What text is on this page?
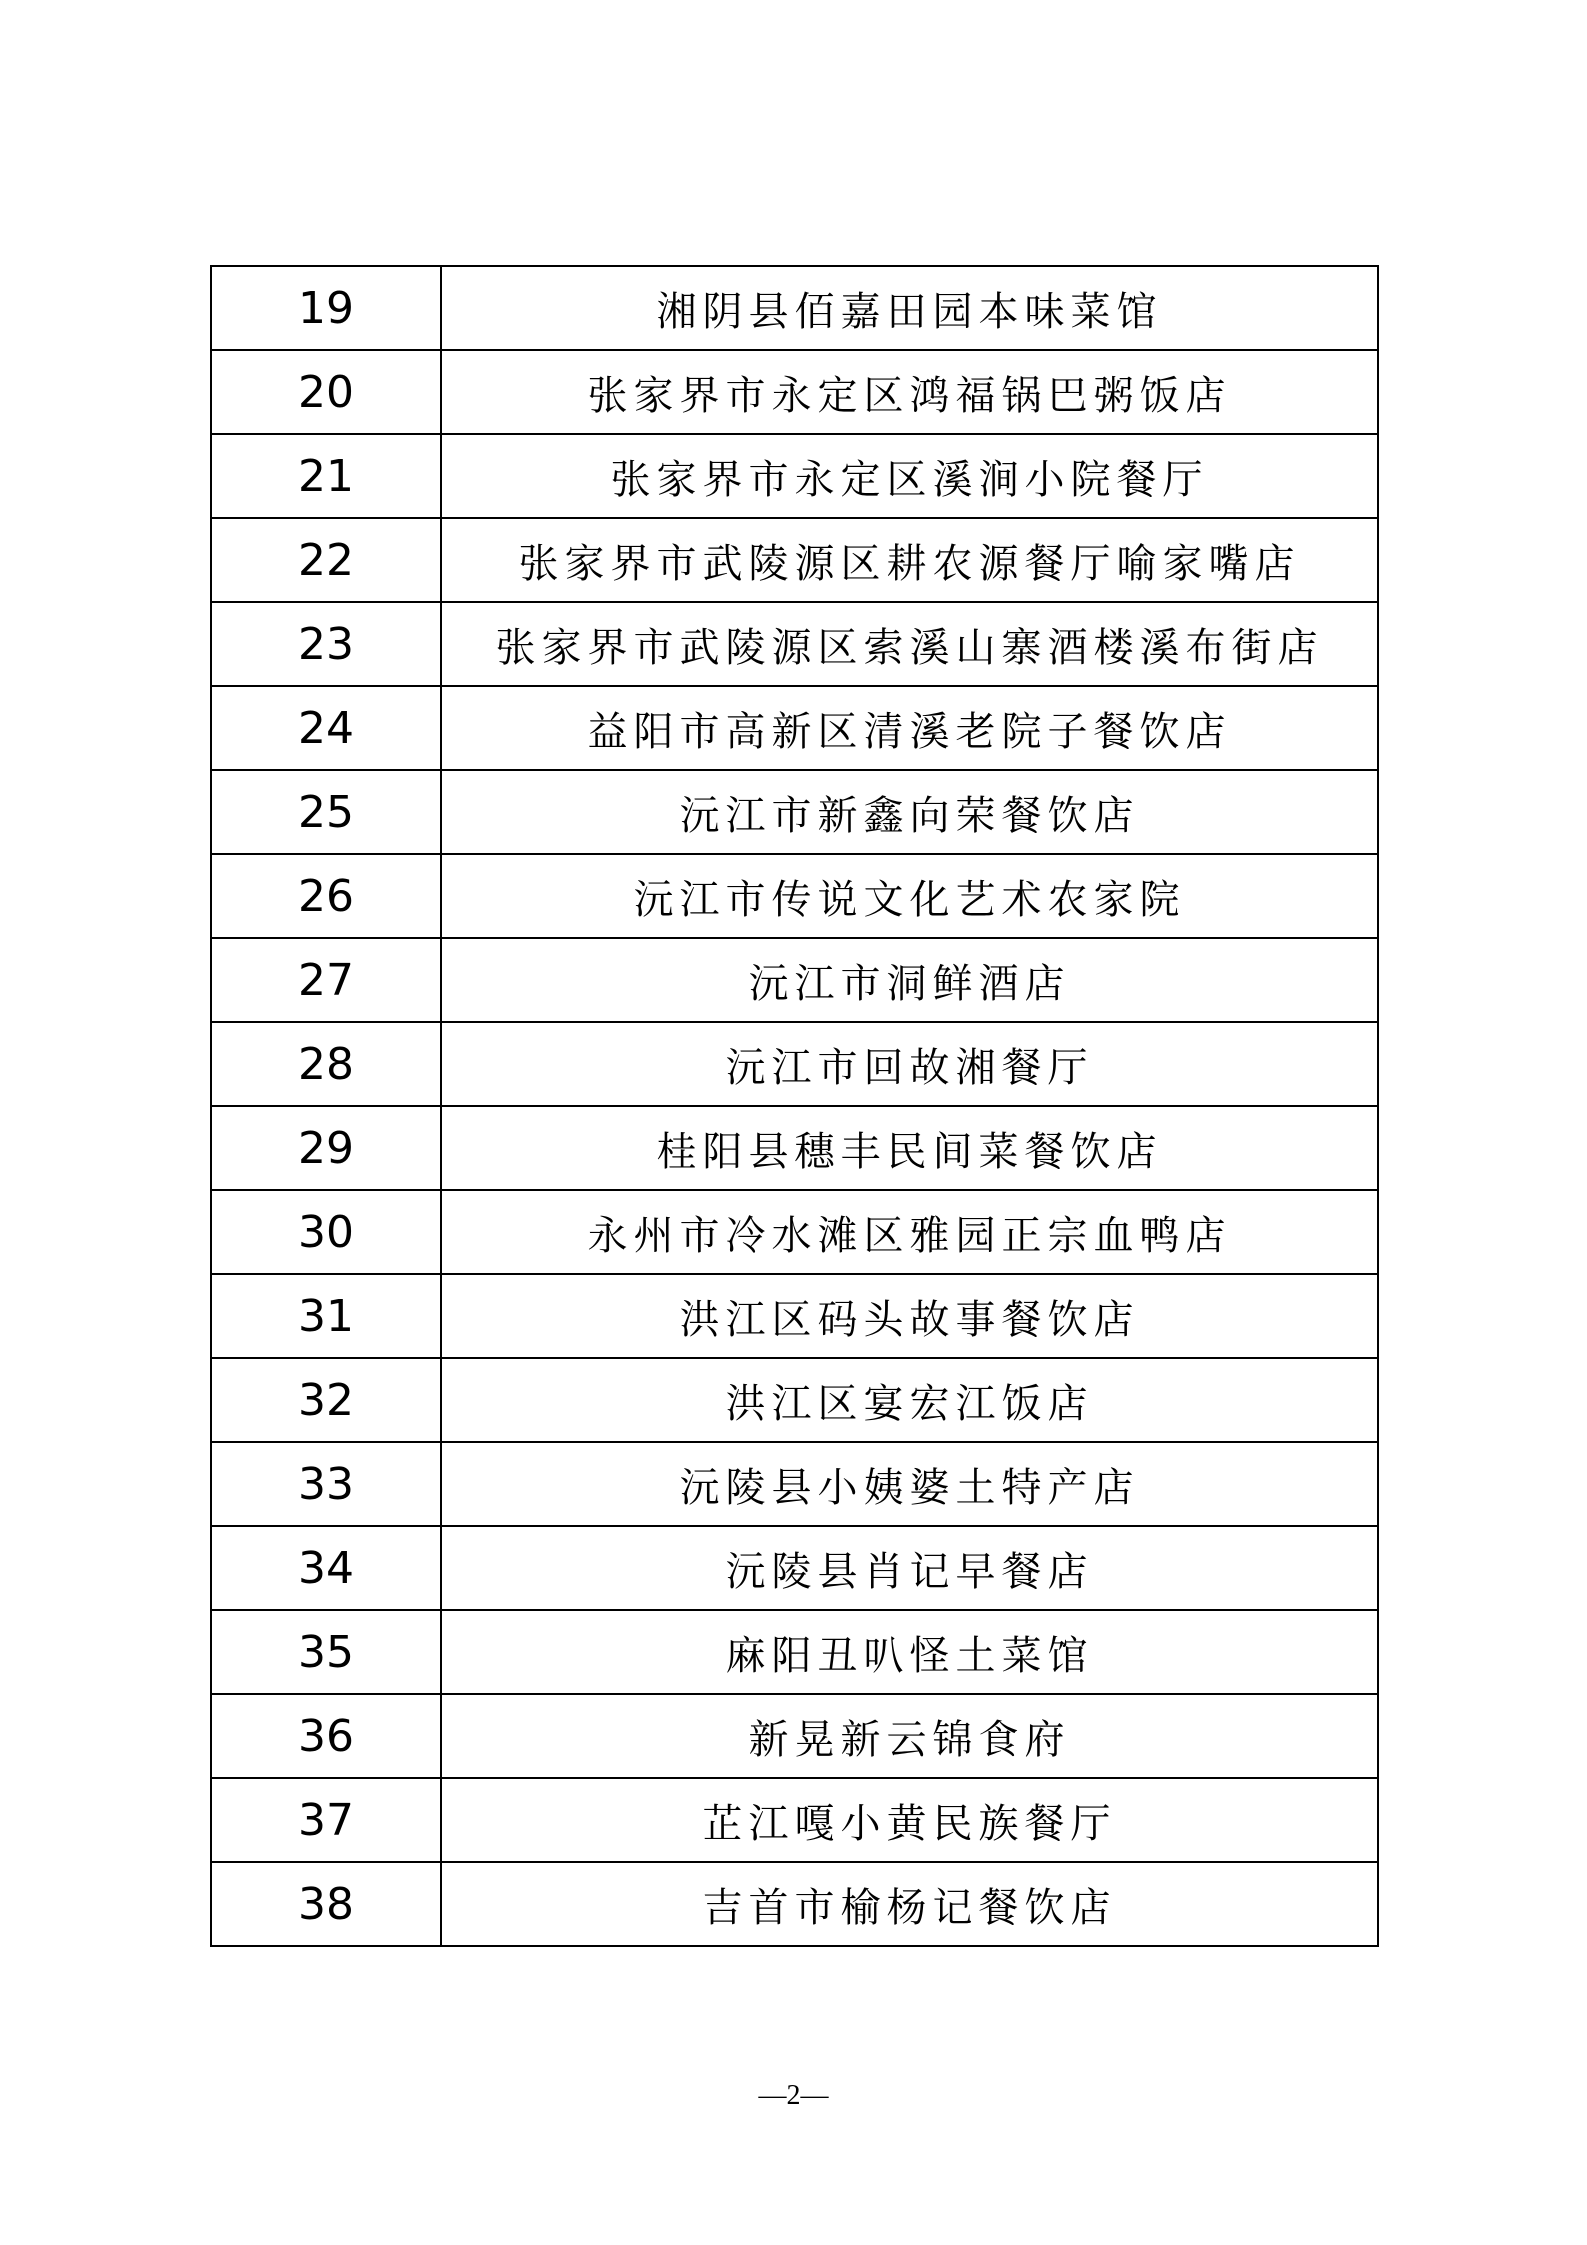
19	湘阴县佰嘉田园本味菜馆
20	张家界市永定区鸿福锅巴粥饭店
21	张家界市永定区溪涧小院餐厅
22	张家界市武陵源区耕农源餐厅喻家嘴店
23	张家界市武陵源区索溪山寨酒楼溪布街店
24	益阳市高新区清溪老院子餐饮店
25	沅江市新鑫向荣餐饮店
26	沅江市传说文化艺术农家院
27	沅江市洞鲜酒店
28	沅江市回故湘餐厅
29	桂阳县穗丰民间菜餐饮店
30	永州市冷水滩区雅园正宗血鸭店
31	洪江区码头故事餐饮店
32	洪江区宴宏江饭店
33	沅陵县小姨婆土特产店
34	沅陵县肖记早餐店
35	麻阳丑叭怪土菜馆
36	新晃新云锦食府
37	芷江嘎小黄民族餐厅
38	吉首市榆杨记餐饮店
—2—
